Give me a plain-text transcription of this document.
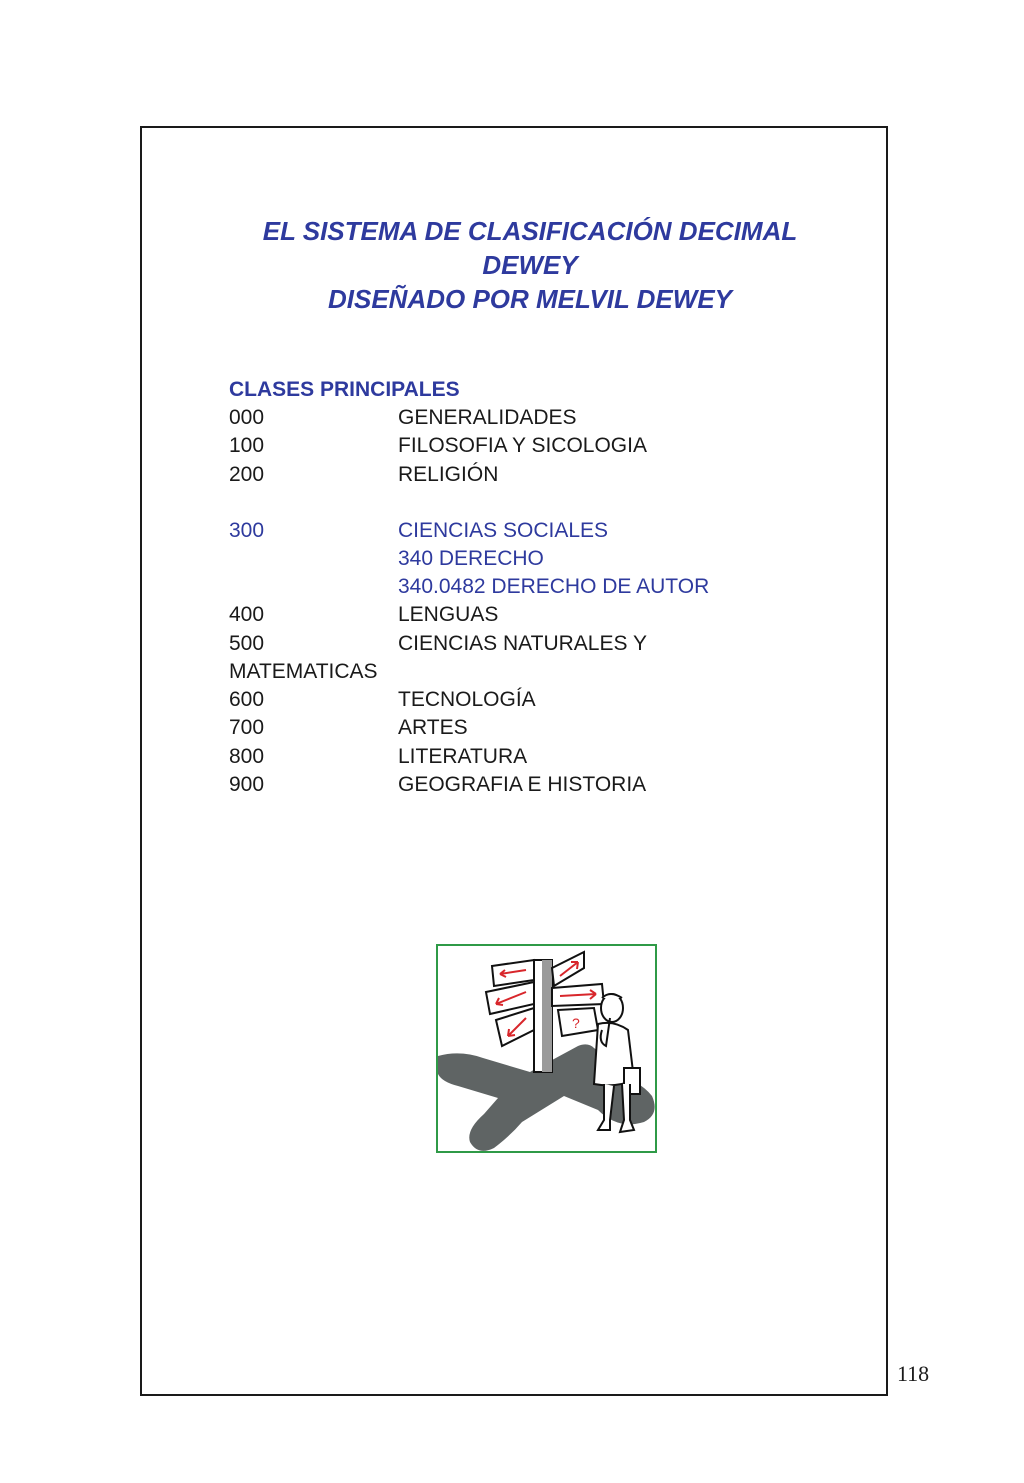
EL SISTEMA DE CLASIFICACIÓN DECIMAL
DEWEY
DISEÑADO POR MELVIL DEWEY
CLASES PRINCIPALES
000	GENERALIDADES
100	FILOSOFIA Y SICOLOGIA
200	RELIGIÓN
300	CIENCIAS SOCIALES
340 DERECHO
340.0482 DERECHO DE AUTOR
400	LENGUAS
500	CIENCIAS NATURALES Y
MATEMATICAS
600	TECNOLOGÍA
700	ARTES
800	LITERATURA
900	GEOGRAFIA E HISTORIA
?
118
